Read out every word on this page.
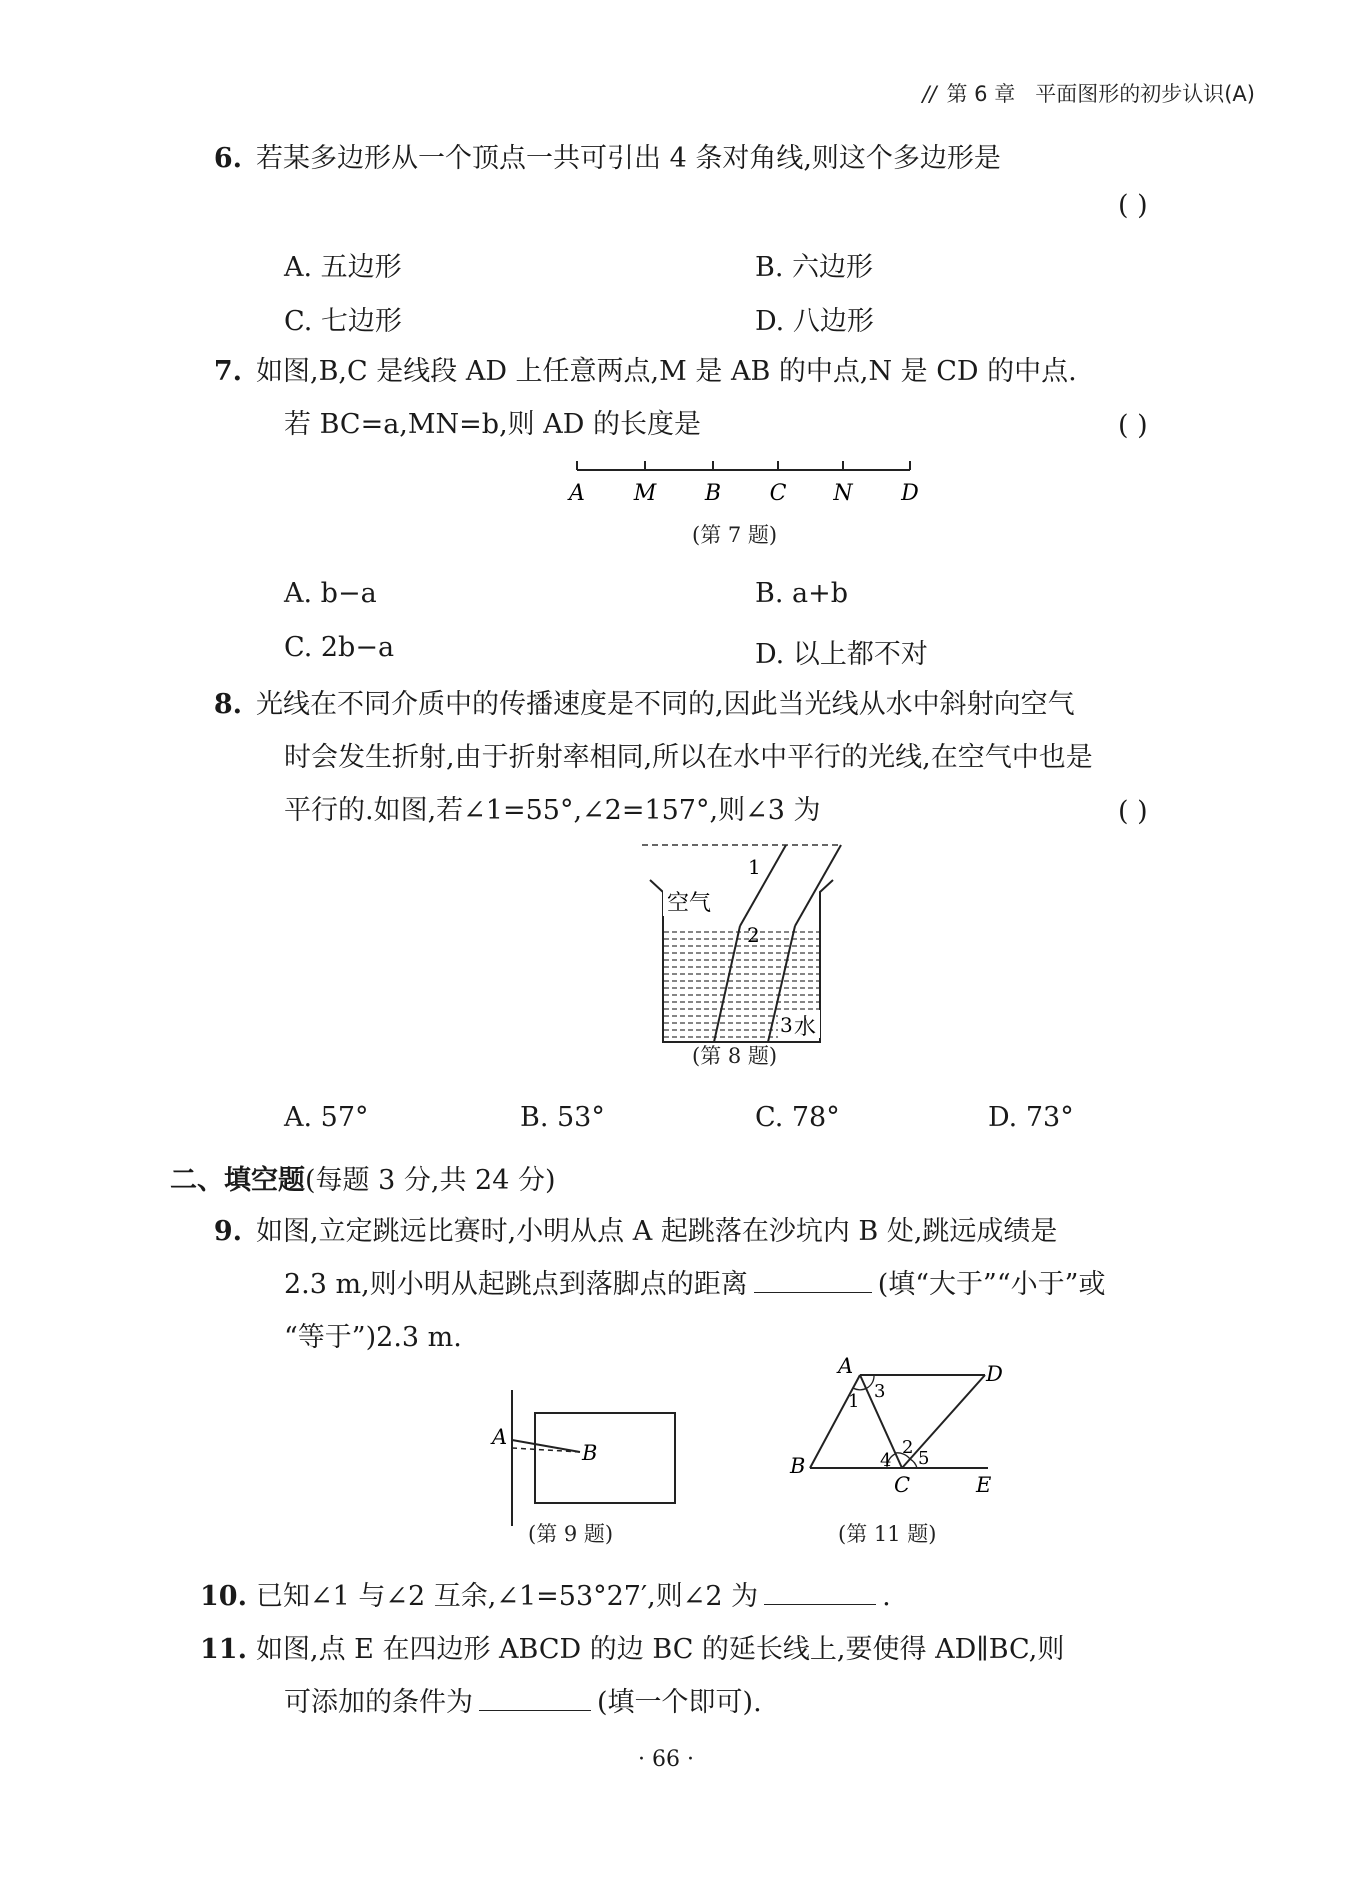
// 第 6 章 平面图形的初步认识(A)
6. 若某多边形从一个顶点一共可引出 4 条对角线,则这个多边形是
( )
A. 五边形	B. 六边形
C. 七边形	D. 八边形
7. 如图,B,C 是线段 AD 上任意两点,M 是 AB 的中点,N 是 CD 的中点.
若 BC=a,MN=b,则 AD 的长度是	( )
A M B C N D
(第 7 题)
A. b−a	B. a+b
C. 2b−a	D. 以上都不对
8. 光线在不同介质中的传播速度是不同的,因此当光线从水中斜射向空气
时会发生折射,由于折射率相同,所以在水中平行的光线,在空气中也是
平行的.如图,若∠1=55°,∠2=157°,则∠3 为	( )
空气
1
2
3 水
(第 8 题)
A. 57°	B. 53°	C. 78°	D. 73°
二、填空题(每题 3 分,共 24 分)
9. 如图,立定跳远比赛时,小明从点 A 起跳落在沙坑内 B 处,跳远成绩是
2.3 m,则小明从起跳点到落脚点的距离	(填“大于”“小于”或
“等于”)2.3 m.
A
B
(第 9 题)
A	D
B
C	E
1 3
2
4 5
(第 11 题)
10. 已知∠1 与∠2 互余,∠1=53°27′,则∠2 为	.
11. 如图,点 E 在四边形 ABCD 的边 BC 的延长线上,要使得 AD∥BC,则
可添加的条件为	(填一个即可).
· 66 ·
